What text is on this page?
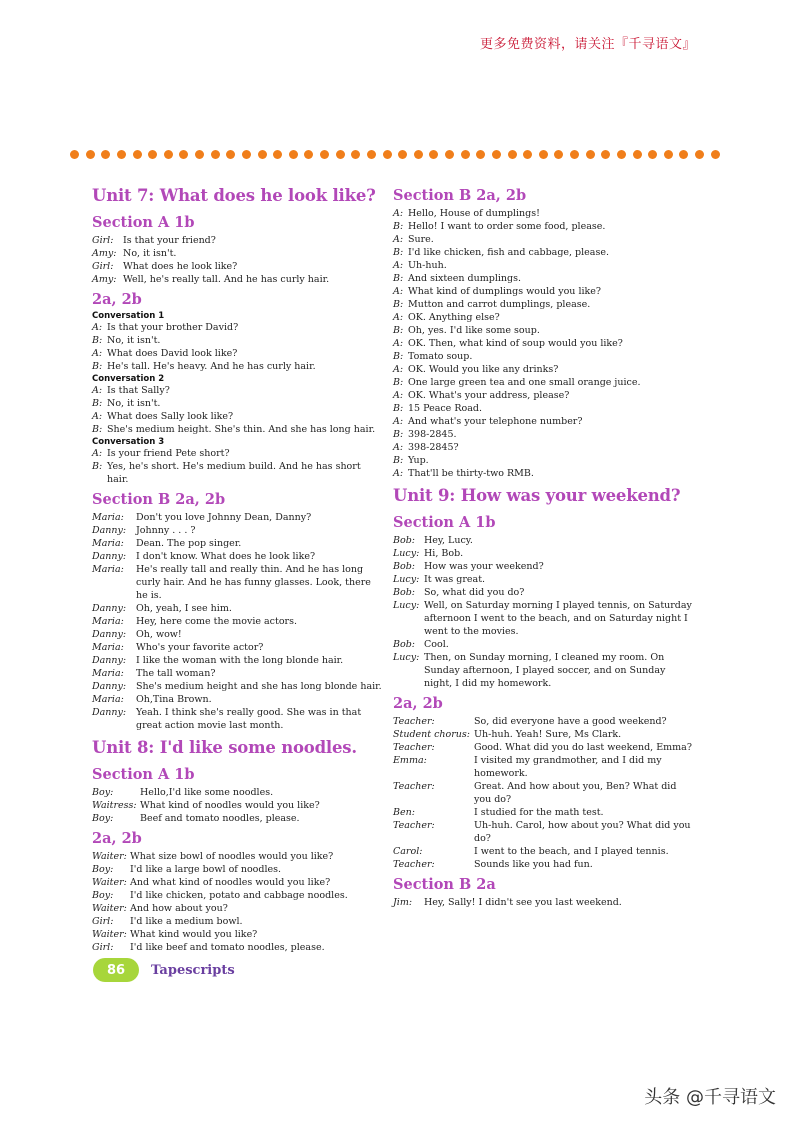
更多免费资料，请关注『千寻语文』
Unit 7: What does he look like?
Section A 1b
Girl:	Is that your friend?
Amy: No, it isn't.
Girl:	What does he look like?
Amy: Well, he's really tall. And he has curly hair.
2a, 2b
Conversation 1
A: Is that your brother David?
B: No, it isn't.
A: What does David look like?
B: He's tall. He's heavy. And he has curly hair.
Conversation 2
A: Is that Sally?
B: No, it isn't.
A: What does Sally look like?
B: She's medium height. She's thin. And she has long hair.
Conversation 3
A: Is your friend Pete short?
B: Yes, he's short. He's medium build. And he has short hair.
Section B 2a, 2b
Maria:	Don't you love Johnny Dean, Danny?
Danny:	Johnny . . . ?
Maria:	Dean. The pop singer.
Danny:	I don't know. What does he look like?
Maria:	He's really tall and really thin. And he has long curly hair. And he has funny glasses. Look, there he is.
Danny:	Oh, yeah, I see him.
Maria:	Hey, here come the movie actors.
Danny:	Oh, wow!
Maria:	Who's your favorite actor?
Danny:	I like the woman with the long blonde hair.
Maria:	The tall woman?
Danny:	She's medium height and she has long blonde hair.
Maria:	Oh,Tina Brown.
Danny:	Yeah. I think she's really good. She was in that great action movie last month.
Unit 8: I'd like some noodles.
Section A 1b
Boy:	Hello,I'd like some noodles.
Waitress: What kind of noodles would you like?
Boy:	Beef and tomato noodles, please.
2a, 2b
Waiter: What size bowl of noodles would you like?
Boy:	I'd like a large bowl of noodles.
Waiter: And what kind of noodles would you like?
Boy:	I'd like chicken, potato and cabbage noodles.
Waiter: And how about you?
Girl:	I'd like a medium bowl.
Waiter: What kind would you like?
Girl:	I'd like beef and tomato noodles, please.
Section B 2a, 2b
A: Hello, House of dumplings!
B: Hello! I want to order some food, please.
A: Sure.
B: I'd like chicken, fish and cabbage, please.
A: Uh-huh.
B: And sixteen dumplings.
A: What kind of dumplings would you like?
B: Mutton and carrot dumplings, please.
A: OK. Anything else?
B: Oh, yes. I'd like some soup.
A: OK. Then, what kind of soup would you like?
B: Tomato soup.
A: OK. Would you like any drinks?
B: One large green tea and one small orange juice.
A: OK. What's your address, please?
B: 15 Peace Road.
A: And what's your telephone number?
B: 398-2845.
A: 398-2845?
B: Yup.
A: That'll be thirty-two RMB.
Unit 9: How was your weekend?
Section A 1b
Bob: Hey, Lucy.
Lucy: Hi, Bob.
Bob: How was your weekend?
Lucy: It was great.
Bob: So, what did you do?
Lucy: Well, on Saturday morning I played tennis, on Saturday afternoon I went to the beach, and on Saturday night I went to the movies.
Bob: Cool.
Lucy: Then, on Sunday morning, I cleaned my room. On Sunday afternoon, I played soccer, and on Sunday night, I did my homework.
2a, 2b
Teacher:	So, did everyone have a good weekend?
Student chorus: Uh-huh. Yeah! Sure, Ms Clark.
Teacher:	Good. What did you do last weekend, Emma?
Emma:	I visited my grandmother, and I did my homework.
Teacher:	Great. And how about you, Ben? What did you do?
Ben:	I studied for the math test.
Teacher:	Uh-huh. Carol, how about you? What did you do?
Carol:	I went to the beach, and I played tennis.
Teacher:	Sounds like you had fun.
Section B 2a
Jim:	Hey, Sally! I didn't see you last weekend.
86	Tapescripts
头条 @千寻语文
